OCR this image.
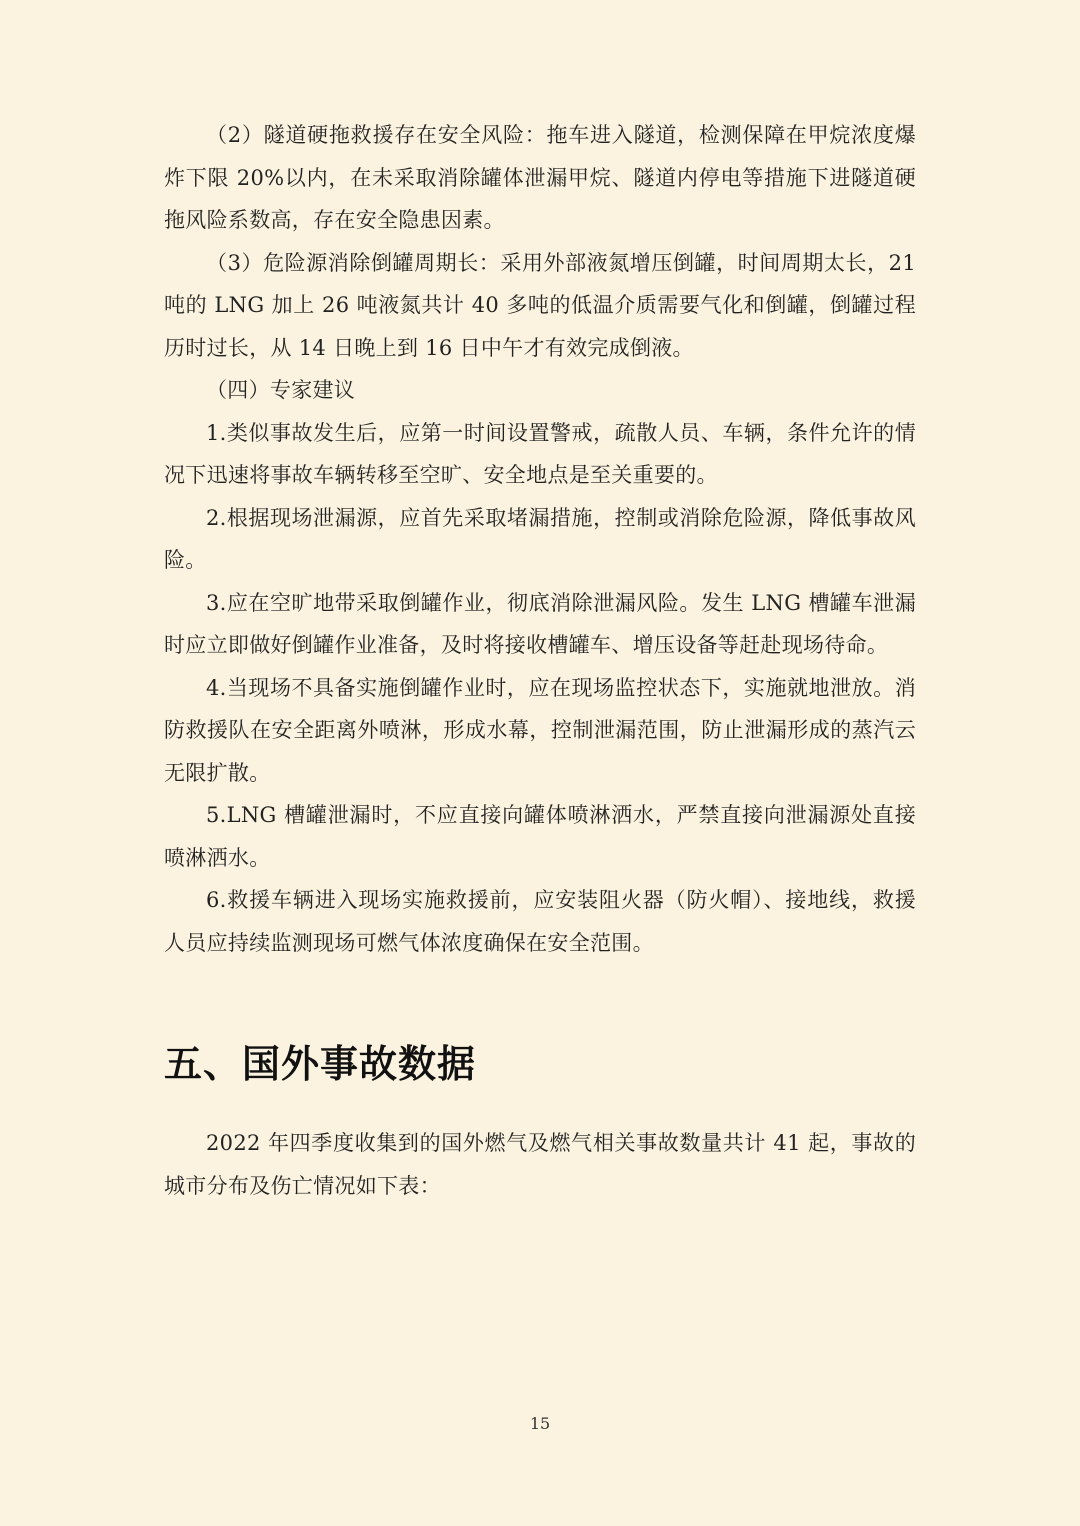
（2）隧道硬拖救援存在安全风险：拖车进入隧道，检测保障在甲烷浓度爆炸下限 20%以内，在未采取消除罐体泄漏甲烷、隧道内停电等措施下进隧道硬拖风险系数高，存在安全隐患因素。

（3）危险源消除倒罐周期长：采用外部液氮增压倒罐，时间周期太长，21吨的 LNG 加上 26 吨液氮共计 40 多吨的低温介质需要气化和倒罐，倒罐过程历时过长，从 14 日晚上到 16 日中午才有效完成倒液。

（四）专家建议

1.类似事故发生后，应第一时间设置警戒，疏散人员、车辆，条件允许的情况下迅速将事故车辆转移至空旷、安全地点是至关重要的。

2.根据现场泄漏源，应首先采取堵漏措施，控制或消除危险源，降低事故风险。

3.应在空旷地带采取倒罐作业，彻底消除泄漏风险。发生 LNG 槽罐车泄漏时应立即做好倒罐作业准备，及时将接收槽罐车、增压设备等赶赴现场待命。

4.当现场不具备实施倒罐作业时，应在现场监控状态下，实施就地泄放。消防救援队在安全距离外喷淋，形成水幕，控制泄漏范围，防止泄漏形成的蒸汽云无限扩散。

5.LNG 槽罐泄漏时，不应直接向罐体喷淋洒水，严禁直接向泄漏源处直接喷淋洒水。

6.救援车辆进入现场实施救援前，应安装阻火器（防火帽）、接地线，救援人员应持续监测现场可燃气体浓度确保在安全范围。

五、国外事故数据

2022 年四季度收集到的国外燃气及燃气相关事故数量共计 41 起，事故的城市分布及伤亡情况如下表：

15
